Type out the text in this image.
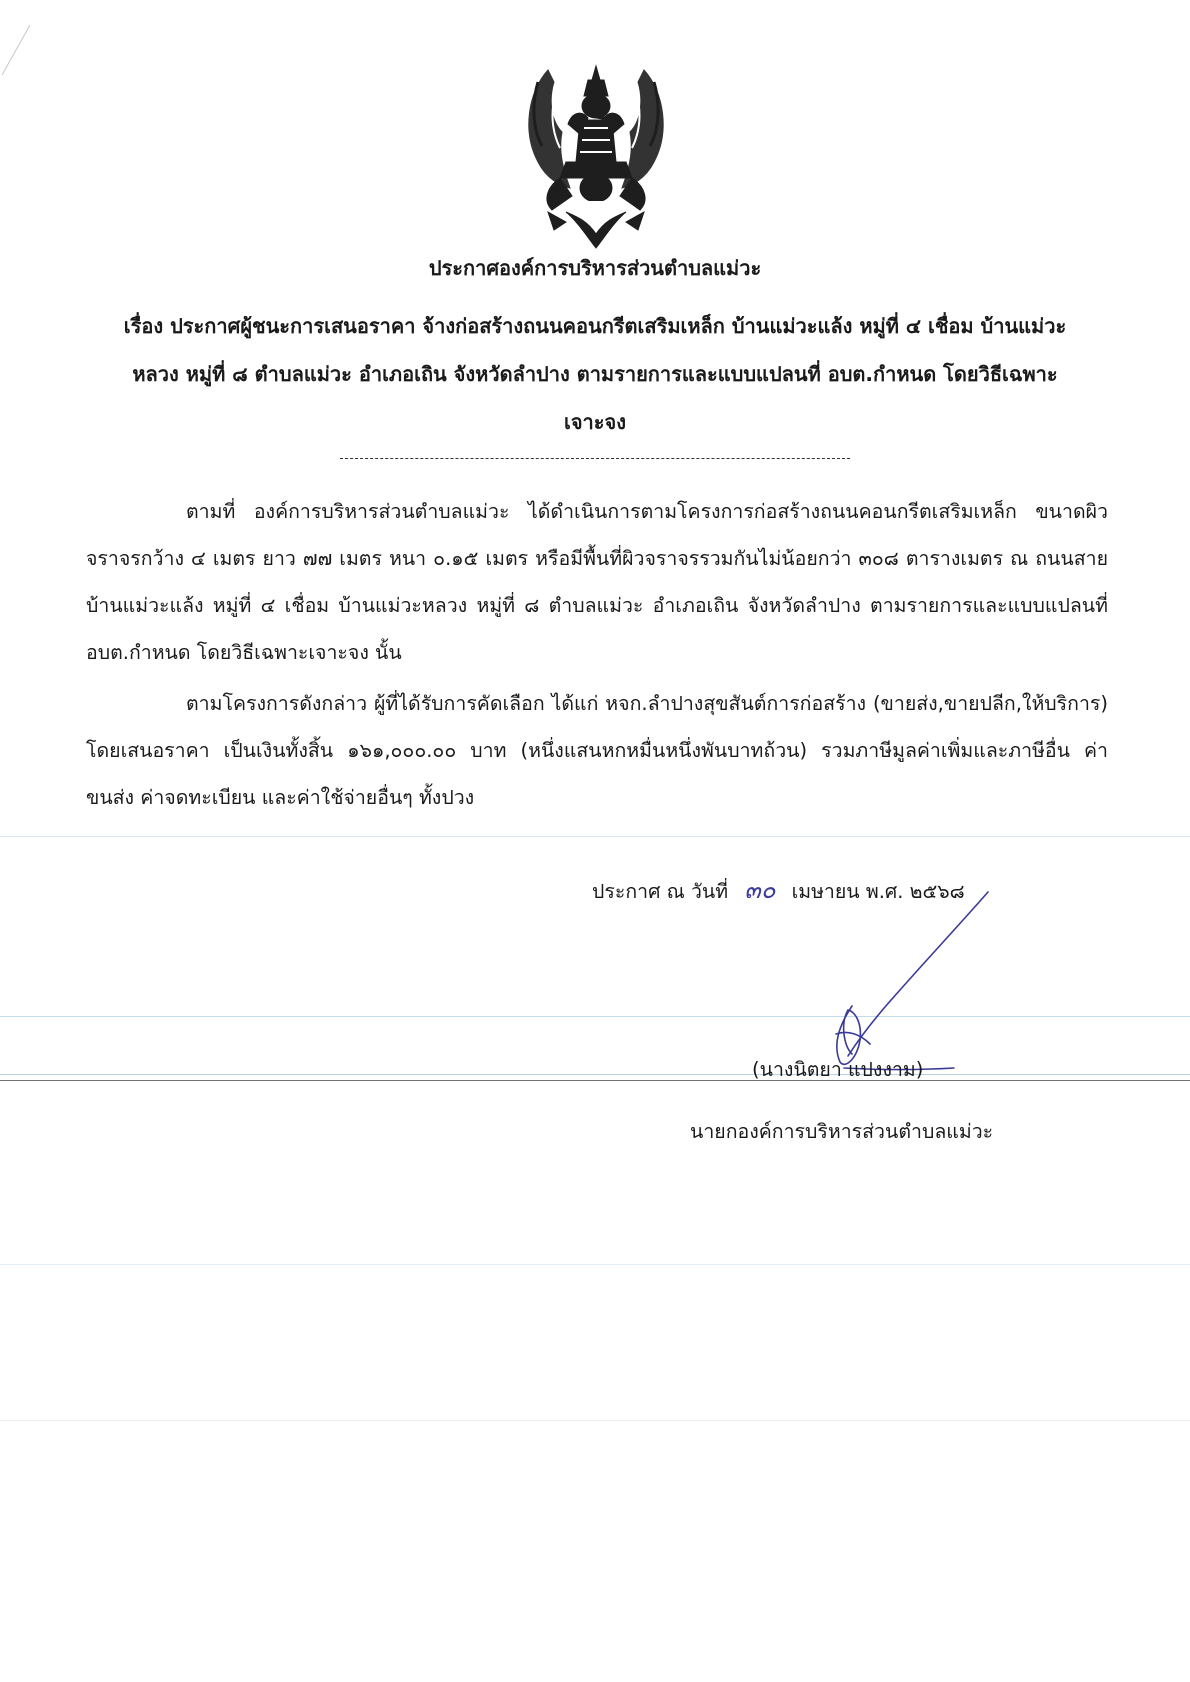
ประกาศองค์การบริหารส่วนตำบลแม่วะ
เรื่อง ประกาศผู้ชนะการเสนอราคา จ้างก่อสร้างถนนคอนกรีตเสริมเหล็ก บ้านแม่วะแล้ง หมู่ที่ ๔ เชื่อม บ้านแม่วะ
หลวง หมู่ที่ ๘ ตำบลแม่วะ อำเภอเถิน จังหวัดลำปาง ตามรายการและแบบแปลนที่ อบต.กำหนด โดยวิธีเฉพาะ
เจาะจง
ตามที่ องค์การบริหารส่วนตำบลแม่วะ ได้ดำเนินการตามโครงการก่อสร้างถนนคอนกรีตเสริมเหล็ก ขนาดผิวจราจรกว้าง ๔ เมตร ยาว ๗๗ เมตร หนา ๐.๑๕ เมตร หรือมีพื้นที่ผิวจราจรรวมกันไม่น้อยกว่า ๓๐๘ ตารางเมตร ณ ถนนสายบ้านแม่วะแล้ง หมู่ที่ ๔ เชื่อม บ้านแม่วะหลวง หมู่ที่ ๘ ตำบลแม่วะ อำเภอเถิน จังหวัดลำปาง ตามรายการและแบบแปลนที่ อบต.กำหนด โดยวิธีเฉพาะเจาะจง นั้น
ตามโครงการดังกล่าว ผู้ที่ได้รับการคัดเลือก ได้แก่ หจก.ลำปางสุขสันต์การก่อสร้าง (ขายส่ง,ขายปลีก,ให้บริการ) โดยเสนอราคา เป็นเงินทั้งสิ้น ๑๖๑,๐๐๐.๐๐ บาท (หนึ่งแสนหกหมื่นหนึ่งพันบาทถ้วน) รวมภาษีมูลค่าเพิ่มและภาษีอื่น ค่าขนส่ง ค่าจดทะเบียน และค่าใช้จ่ายอื่นๆ ทั้งปวง
ประกาศ ณ วันที่ ๓๐ เมษายน พ.ศ. ๒๕๖๘
(นางนิตยา แปงงาม)
นายกองค์การบริหารส่วนตำบลแม่วะ
